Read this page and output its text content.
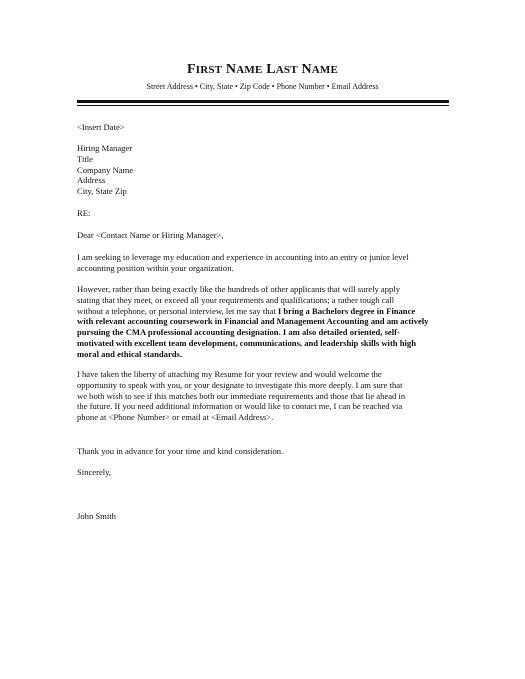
FIRST NAME LAST NAME
Street Address • City, State • Zip Code • Phone Number • Email Address
<Insert Date>
Hiring Manager
Title
Company Name
Address
City, State Zip
RE:
Dear <Contact Name or Hiring Manager>,
I am seeking to leverage my education and experience in accounting into an entry or junior level
accounting position within your organization.
However, rather than being exactly like the hundreds of other applicants that will surely apply
stating that they meet, or exceed all your requirements and qualifications; a rather tough call
without a telephone, or personal interview, let me say that I bring a Bachelors degree in Finance
with relevant accounting coursework in Financial and Management Accounting and am actively
pursuing the CMA professional accounting designation. I am also detailed oriented, self-
motivated with excellent team development, communications, and leadership skills with high
moral and ethical standards.
I have taken the liberty of attaching my Resume for your review and would welcome the
opportunity to speak with you, or your designate to investigate this more deeply. I am sure that
we both wish to see if this matches both our immediate requirements and those that lie ahead in
the future. If you need additional information or would like to contact me, I can be reached via
phone at <Phone Number> or email at <Email Address>.
Thank you in advance for your time and kind consideration.
Sincerely,
John Smith
